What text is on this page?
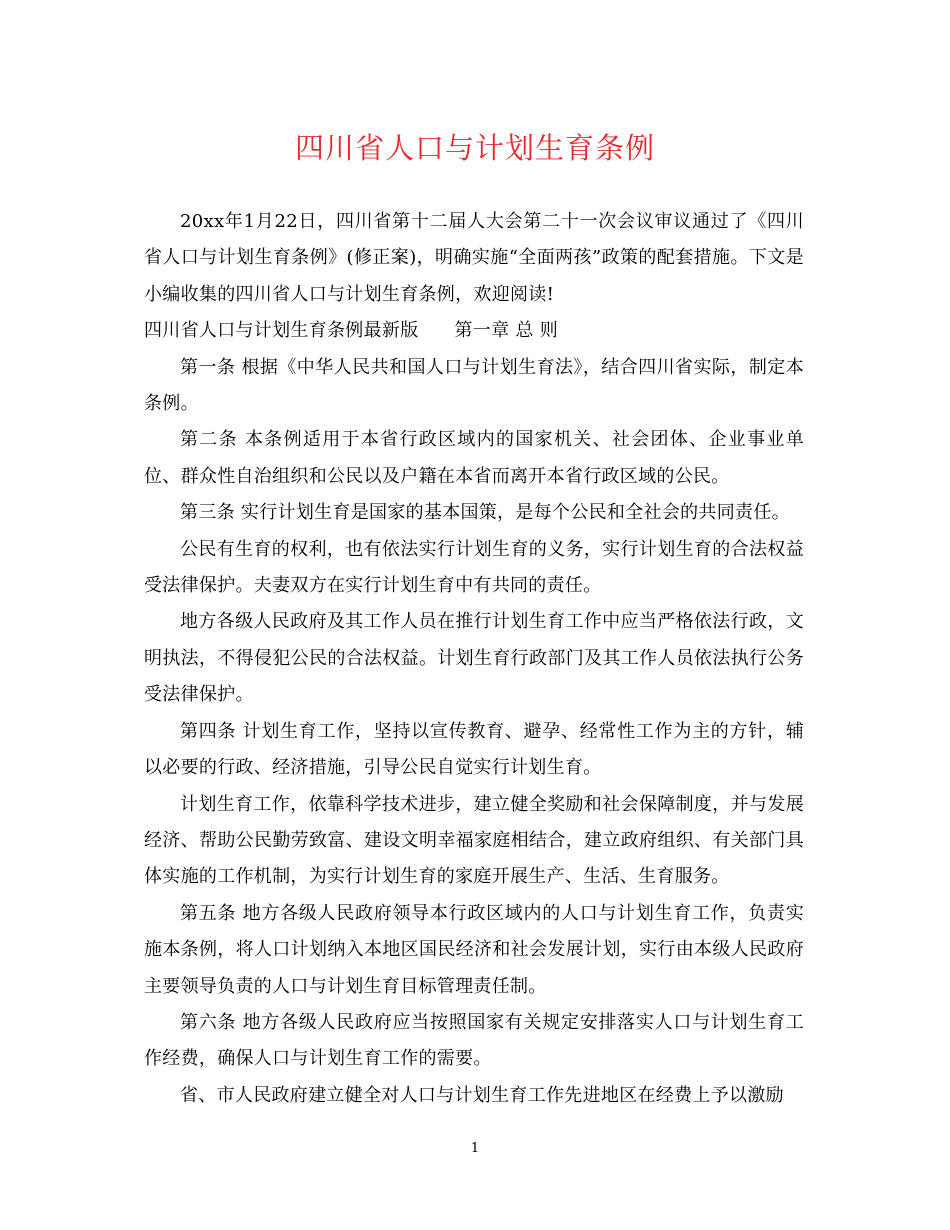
四川省人口与计划生育条例

20xx年1月22日，四川省第十二届人大会第二十一次会议审议通过了《四川省人口与计划生育条例》(修正案)，明确实施“全面两孩”政策的配套措施。下文是小编收集的四川省人口与计划生育条例，欢迎阅读!

四川省人口与计划生育条例最新版 第一章 总 则

第一条 根据《中华人民共和国人口与计划生育法》，结合四川省实际，制定本条例。

第二条 本条例适用于本省行政区域内的国家机关、社会团体、企业事业单位、群众性自治组织和公民以及户籍在本省而离开本省行政区域的公民。

第三条 实行计划生育是国家的基本国策，是每个公民和全社会的共同责任。

公民有生育的权利，也有依法实行计划生育的义务，实行计划生育的合法权益受法律保护。夫妻双方在实行计划生育中有共同的责任。

地方各级人民政府及其工作人员在推行计划生育工作中应当严格依法行政，文明执法，不得侵犯公民的合法权益。计划生育行政部门及其工作人员依法执行公务受法律保护。

第四条 计划生育工作，坚持以宣传教育、避孕、经常性工作为主的方针，辅以必要的行政、经济措施，引导公民自觉实行计划生育。

计划生育工作，依靠科学技术进步，建立健全奖励和社会保障制度，并与发展经济、帮助公民勤劳致富、建设文明幸福家庭相结合，建立政府组织、有关部门具体实施的工作机制，为实行计划生育的家庭开展生产、生活、生育服务。

第五条 地方各级人民政府领导本行政区域内的人口与计划生育工作，负责实施本条例，将人口计划纳入本地区国民经济和社会发展计划，实行由本级人民政府主要领导负责的人口与计划生育目标管理责任制。

第六条 地方各级人民政府应当按照国家有关规定安排落实人口与计划生育工作经费，确保人口与计划生育工作的需要。

省、市人民政府建立健全对人口与计划生育工作先进地区在经费上予以激励

1
